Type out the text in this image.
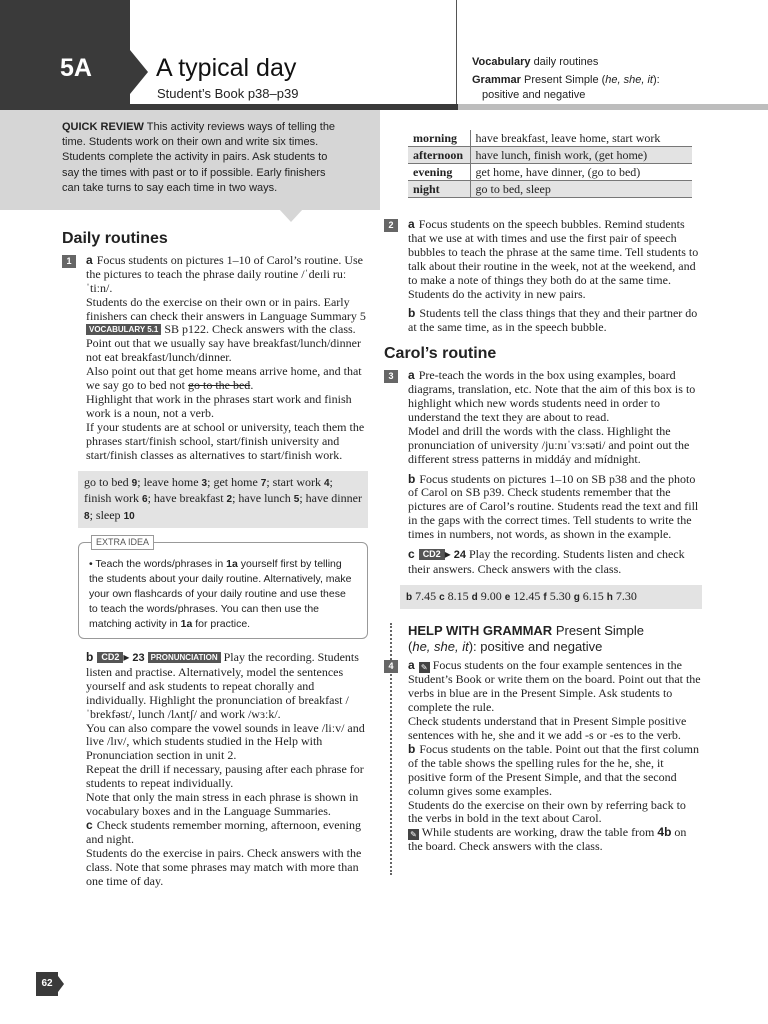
5A	A typical day
Student’s Book p38–p39
Vocabulary daily routines
Grammar Present Simple (he, she, it):
positive and negative
QUICK REVIEW This activity reviews ways of telling the time. Students work on their own and write six times. Students complete the activity in pairs. Ask students to say the times with past or to if possible. Early finishers can take turns to say each time in two ways.
morning	have breakfast, leave home, start work
afternoon	have lunch, finish work, (get home)
evening	get home, have dinner, (go to bed)
night	go to bed, sleep
Daily routines
1	a Focus students on pictures 1–10 of Carol’s routine. Use the pictures to teach the phrase daily routine /ˈdeɪli ruːˈtiːn/.

Students do the exercise on their own or in pairs. Early finishers can check their answers in Language Summary 5 VOCABULARY 5.1 SB p122. Check answers with the class.

Point out that we usually say have breakfast/lunch/dinner not eat breakfast/lunch/dinner.

Also point out that get home means arrive home, and that we say go to bed not go to the bed.

Highlight that work in the phrases start work and finish work is a noun, not a verb.

If your students are at school or university, teach them the phrases start/finish school, start/finish university and start/finish classes as alternatives to start/finish work.

go to bed 9; leave home 3; get home 7; start work 4; finish work 6; have breakfast 2; have lunch 5; have dinner 8; sleep 10
EXTRA IDEA

• Teach the words/phrases in 1a yourself first by telling the students about your daily routine. Alternatively, make your own flashcards of your daily routine and use these to teach the words/phrases. You can then use the matching activity in 1a for practice.

b CD2 ▸ 23 PRONUNCIATION Play the recording. Students listen and practise. Alternatively, model the sentences yourself and ask students to repeat chorally and individually. Highlight the pronunciation of breakfast /ˈbrekfəst/, lunch /lʌntʃ/ and work /wɜːk/.

You can also compare the vowel sounds in leave /liːv/ and live /lɪv/, which students studied in the Help with Pronunciation section in unit 2.

Repeat the drill if necessary, pausing after each phrase for students to repeat individually.

Note that only the main stress in each phrase is shown in vocabulary boxes and in the Language Summaries.

c Check students remember morning, afternoon, evening and night.

Students do the exercise in pairs. Check answers with the class. Note that some phrases may match with more than one time of day.

2	a Focus students on the speech bubbles. Remind students that we use at with times and use the first pair of speech bubbles to teach the phrase at the same time. Tell students to talk about their routine in the week, not at the weekend, and to make a note of things they both do at the same time.

Students do the activity in new pairs.

b Students tell the class things that they and their partner do at the same time, as in the speech bubble.

Carol’s routine
3	a Pre-teach the words in the box using examples, board diagrams, translation, etc. Note that the aim of this box is to highlight which new words students need in order to understand the text they are about to read.

Model and drill the words with the class. Highlight the pronunciation of university /juːnɪˈvɜːsəti/ and point out the different stress patterns in middáy and mídnight.

b Focus students on pictures 1–10 on SB p38 and the photo of Carol on SB p39. Check students remember that the pictures are of Carol’s routine. Students read the text and fill in the gaps with the correct times. Tell students to write the times in numbers, not words, as shown in the example.

c CD2 ▸ 24 Play the recording. Students listen and check their answers. Check answers with the class.

b 7.45 c 8.15 d 9.00 e 12.45 f 5.30 g 6.15 h 7.30

HELP WITH GRAMMAR Present Simple
(he, she, it): positive and negative

4	a ✎ Focus students on the four example sentences in the Student’s Book or write them on the board. Point out that the verbs in blue are in the Present Simple. Ask students to complete the rule.

Check students understand that in Present Simple positive sentences with he, she and it we add -s or -es to the verb.

b Focus students on the table. Point out that the first column of the table shows the spelling rules for the he, she, it positive form of the Present Simple, and that the second column gives some examples.

Students do the exercise on their own by referring back to the verbs in bold in the text about Carol.

✎ While students are working, draw the table from 4b on the board. Check answers with the class.

62
